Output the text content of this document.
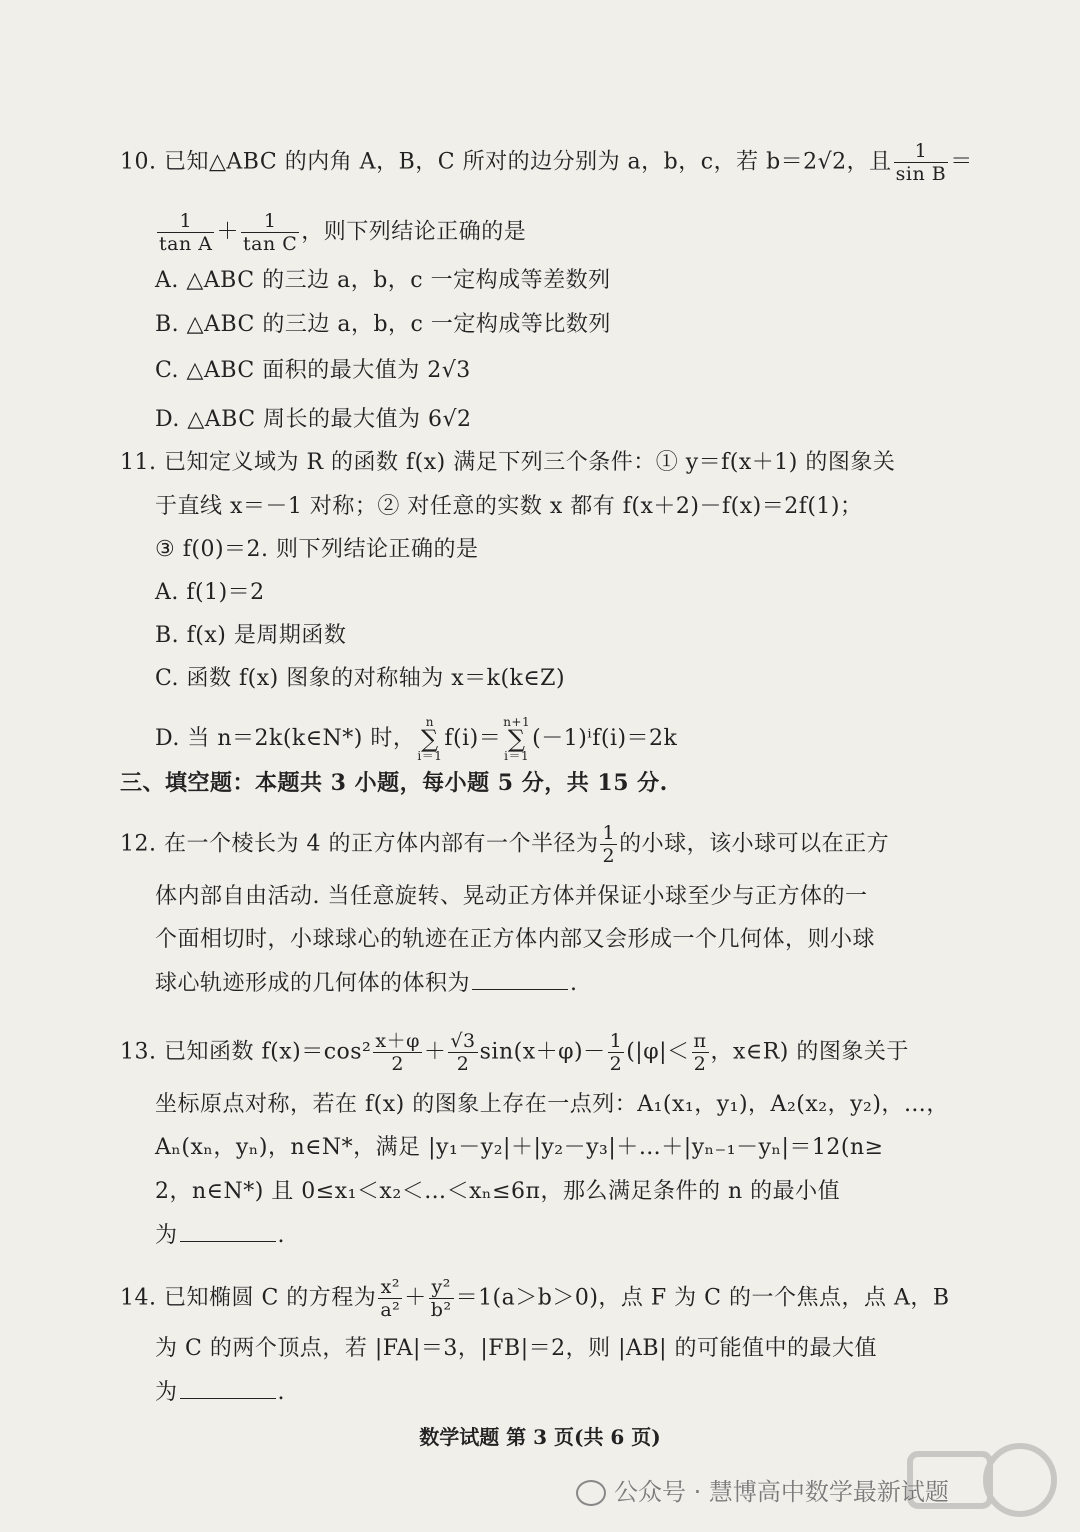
10. 已知△ABC 的内角 A，B，C 所对的边分别为 a，b，c，若 b＝2√2，且 $\frac{1}{\text{sin B}}$ ＝
$\frac{1}{\text{tan A}} + \frac{1}{\text{tan C}}$ ，则下列结论正确的是
A. △ABC 的三边 a，b，c 一定构成等差数列
B. △ABC 的三边 a，b，c 一定构成等比数列
C. △ABC 面积的最大值为 2√3
D. △ABC 周长的最大值为 6√2
11. 已知定义域为 R 的函数 f(x) 满足下列三个条件：① y＝f(x＋1) 的图象关
于直线 x＝－1 对称；② 对任意的实数 x 都有 f(x＋2)－f(x)＝2f(1)；
③ f(0)＝2. 则下列结论正确的是
A. f(1)＝2
B. f(x) 是周期函数
C. 函数 f(x) 图象的对称轴为 x＝k(k∈Z)
D. 当 n＝2k(k∈N*) 时，
n
∑
i＝1
f(i)＝
n+1
∑
i＝1
(－1)ⁱf(i)＝2k
三、填空题：本题共 3 小题，每小题 5 分，共 15 分.
12. 在一个棱长为 4 的正方体内部有一个半径为 $\frac{1}{2}$ 的小球，该小球可以在正方
体内部自由活动. 当任意旋转、晃动正方体并保证小球至少与正方体的一
个面相切时，小球球心的轨迹在正方体内部又会形成一个几何体，则小球
球心轨迹形成的几何体的体积为	.
13. 已知函数 $f(x)=\cos^2 \frac{x+\varphi}{2} + \frac{√3}{2} \sin(x+\varphi)- \frac{1}{2} (|\varphi|< \frac{\pi}{2}$ ，x∈R) 的图象关于
坐标原点对称，若在 f(x) 的图象上存在一点列：A₁(x₁，y₁)，A₂(x₂，y₂)，…，
Aₙ(xₙ，yₙ)，n∈N*，满足 |y₁－y₂|＋|y₂－y₃|＋…＋|yₙ₋₁－yₙ|＝12(n≥
2，n∈N*) 且 0≤x₁＜x₂＜…＜xₙ≤6π，那么满足条件的 n 的最小值
为	.
14. 已知椭圆 C 的方程为 $\frac{\text{x²}}{\text{a²}} + \frac{\text{y²}}{\text{b²}} =1(a>b>0)$，点 F 为 C 的一个焦点，点 A，B
为 C 的两个顶点，若 |FA|＝3，|FB|＝2，则 |AB| 的可能值中的最大值
为	.
数学试题 第 3 页(共 6 页)
公众号 · 慧博高中数学最新试题
